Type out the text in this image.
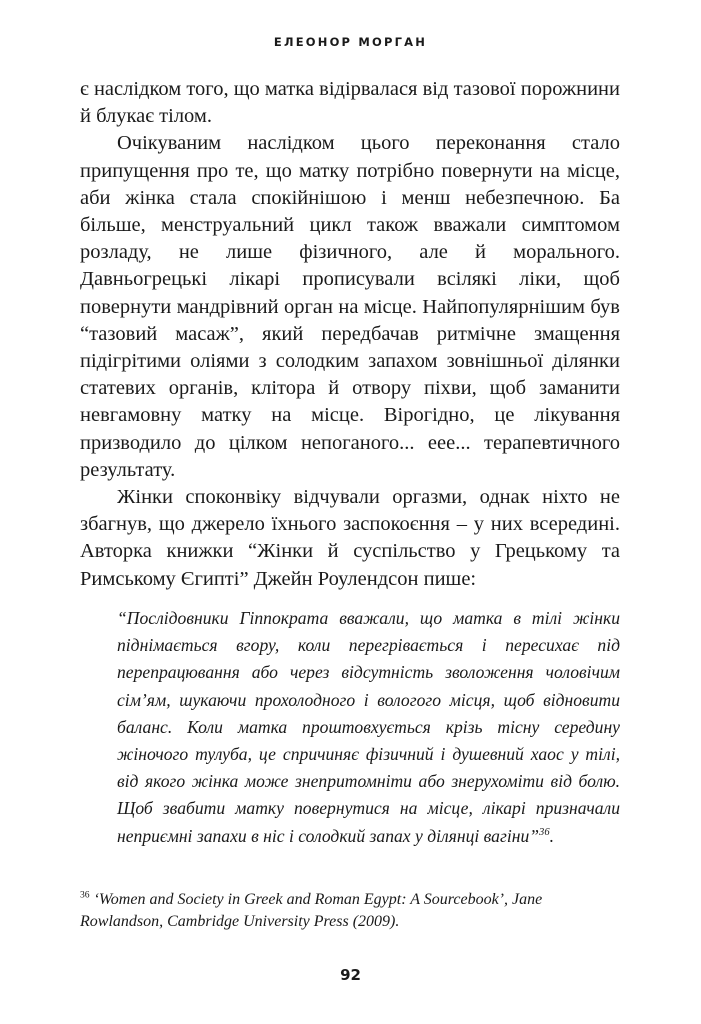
ЕЛЕОНОР МОРГАН

є наслідком того, що матка відірвалася від тазової порожнини й блукає тілом.

Очікуваним наслідком цього переконання стало припущення про те, що матку потрібно повернути на місце, аби жінка стала спокійнішою і менш небезпечною. Ба більше, менструальний цикл також вважали симптомом розладу, не лише фізичного, але й морального. Давньогрецькі лікарі прописували всілякі ліки, щоб повернути мандрівний орган на місце. Найпопулярнішим був “тазовий масаж”, який передбачав ритмічне змащення підігрітими оліями з солодким запахом зовнішньої ділянки статевих органів, клітора й отвору піхви, щоб заманити невгамовну матку на місце. Вірогідно, це лікування призводило до цілком непоганого... еее... терапевтичного результату.

Жінки споконвіку відчували оргазми, однак ніхто не збагнув, що джерело їхнього заспокоєння – у них всередині. Авторка книжки “Жінки й суспільство у Грецькому та Римському Єгипті” Джейн Роулендсон пише:

“Послідовники Гіппократа вважали, що матка в тілі жінки піднімається вгору, коли перегрівається і пересихає під перепрацювання або через відсутність зволоження чоловічим сім’ям, шукаючи прохолодного і вологого місця, щоб відновити баланс. Коли матка проштовхується крізь тісну середину жіночого тулуба, це спричиняє фізичний і душевний хаос у тілі, від якого жінка може знепритомніти або знерухоміти від болю. Щоб звабити матку повернутися на місце, лікарі призначали неприємні запахи в ніс і солодкий запах у ділянці вагіни”$^{36}$.

$^{36}$ ‘Women and Society in Greek and Roman Egypt: A Sourcebook’, Jane Rowlandson, Cambridge University Press (2009).

92
